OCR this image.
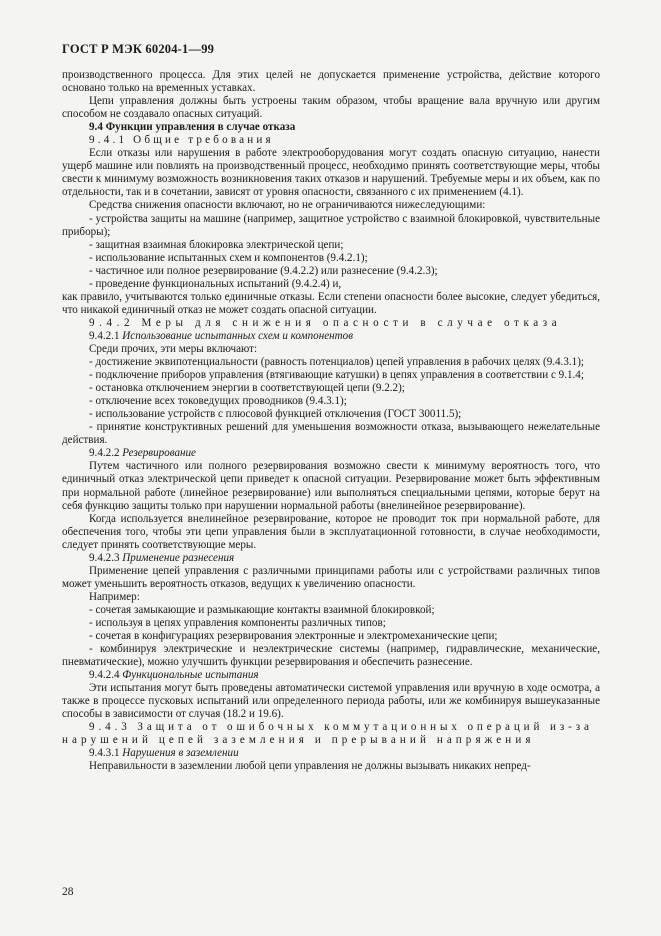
ГОСТ Р МЭК 60204-1—99

производственного процесса. Для этих целей не допускается применение устройства, действие которого основано только на временных уставках.

Цепи управления должны быть устроены таким образом, чтобы вращение вала вручную или другим способом не создавало опасных ситуаций.

9.4 Функции управления в случае отказа

9.4.1 Общие требования

Если отказы или нарушения в работе электрооборудования могут создать опасную ситуацию, нанести ущерб машине или повлиять на производственный процесс, необходимо принять соответствующие меры, чтобы свести к минимуму возможность возникновения таких отказов и нарушений. Требуемые меры и их объем, как по отдельности, так и в сочетании, зависят от уровня опасности, связанного с их применением (4.1).

Средства снижения опасности включают, но не ограничиваются нижеследующими:

- устройства защиты на машине (например, защитное устройство с взаимной блокировкой, чувствительные приборы);

- защитная взаимная блокировка электрической цепи;

- использование испытанных схем и компонентов (9.4.2.1);

- частичное или полное резервирование (9.4.2.2) или разнесение (9.4.2.3);

- проведение функциональных испытаний (9.4.2.4) и,

как правило, учитываются только единичные отказы. Если степени опасности более высокие, следует убедиться, что никакой единичный отказ не может создать опасной ситуации.

9.4.2 Меры для снижения опасности в случае отказа

9.4.2.1 Использование испытанных схем и компонентов

Среди прочих, эти меры включают:

- достижение эквипотенциальности (равность потенциалов) цепей управления в рабочих целях (9.4.3.1);

- подключение приборов управления (втягивающие катушки) в цепях управления в соответствии с 9.1.4;

- остановка отключением энергии в соответствующей цепи (9.2.2);

- отключение всех токоведущих проводников (9.4.3.1);

- использование устройств с плюсовой функцией отключения (ГОСТ 30011.5);

- принятие конструктивных решений для уменьшения возможности отказа, вызывающего нежелательные действия.

9.4.2.2 Резервирование

Путем частичного или полного резервирования возможно свести к минимуму вероятность того, что единичный отказ электрической цепи приведет к опасной ситуации. Резервирование может быть эффективным при нормальной работе (линейное резервирование) или выполняться специальными цепями, которые берут на себя функцию защиты только при нарушении нормальной работы (внелинейное резервирование).

Когда используется внелинейное резервирование, которое не проводит ток при нормальной работе, для обеспечения того, чтобы эти цепи управления были в эксплуатационной готовности, в случае необходимости, следует принять соответствующие меры.

9.4.2.3 Применение разнесения

Применение цепей управления с различными принципами работы или с устройствами различных типов может уменьшить вероятность отказов, ведущих к увеличению опасности.

Например:

- сочетая замыкающие и размыкающие контакты взаимной блокировкой;

- используя в цепях управления компоненты различных типов;

- сочетая в конфигурациях резервирования электронные и электромеханические цепи;

- комбинируя электрические и неэлектрические системы (например, гидравлические, механические, пневматические), можно улучшить функции резервирования и обеспечить разнесение.

9.4.2.4 Функциональные испытания

Эти испытания могут быть проведены автоматически системой управления или вручную в ходе осмотра, а также в процессе пусковых испытаний или определенного периода работы, или же комбинируя вышеуказанные способы в зависимости от случая (18.2 и 19.6).

9.4.3 Защита от ошибочных коммутационных операций из-за

нарушений цепей заземления и прерываний напряжения

9.4.3.1 Нарушения в заземлении

Неправильности в заземлении любой цепи управления не должны вызывать никаких непред-

28
